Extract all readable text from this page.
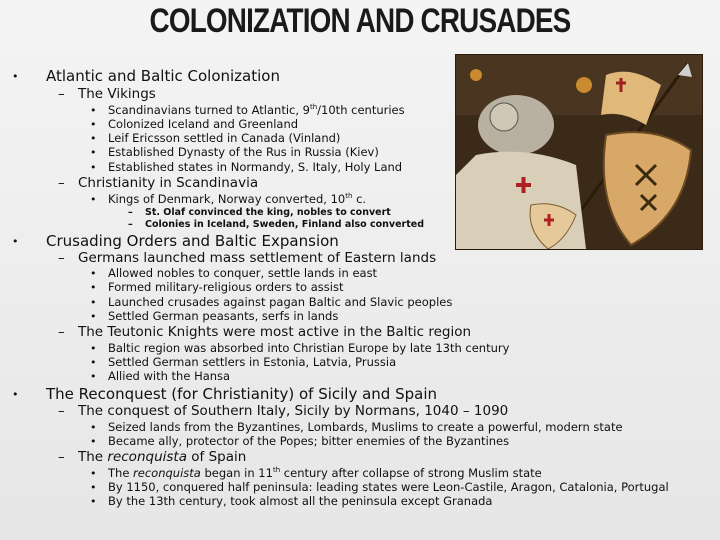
COLONIZATION AND CRUSADES
• Atlantic and Baltic Colonization
– The Vikings
• Scandinavians turned to Atlantic, 9th/10th centuries
• Colonized Iceland and Greenland
• Leif Ericsson settled in Canada (Vinland)
• Established Dynasty of the Rus in Russia (Kiev)
• Established states in Normandy, S. Italy, Holy Land
– Christianity in Scandinavia
• Kings of Denmark, Norway converted, 10th c.
– St. Olaf convinced the king, nobles to convert
– Colonies in Iceland, Sweden, Finland also converted
• Crusading Orders and Baltic Expansion
– Germans launched mass settlement of Eastern lands
• Allowed nobles to conquer, settle lands in east
• Formed military-religious orders to assist
• Launched crusades against pagan Baltic and Slavic peoples
• Settled German peasants, serfs in lands
– The Teutonic Knights were most active in the Baltic region
• Baltic region was absorbed into Christian Europe by late 13th century
• Settled German settlers in Estonia, Latvia, Prussia
• Allied with the Hansa
• The Reconquest (for Christianity) of Sicily and Spain
– The conquest of Southern Italy, Sicily by Normans, 1040 – 1090
• Seized lands from the Byzantines, Lombards, Muslims to create a powerful, modern state
• Became ally, protector of the Popes; bitter enemies of the Byzantines
– The reconquista of Spain
• The reconquista began in 11th century after collapse of strong Muslim state
• By 1150, conquered half peninsula: leading states were Leon-Castile, Aragon, Catalonia, Portugal
• By the 13th century, took almost all the peninsula except Granada
